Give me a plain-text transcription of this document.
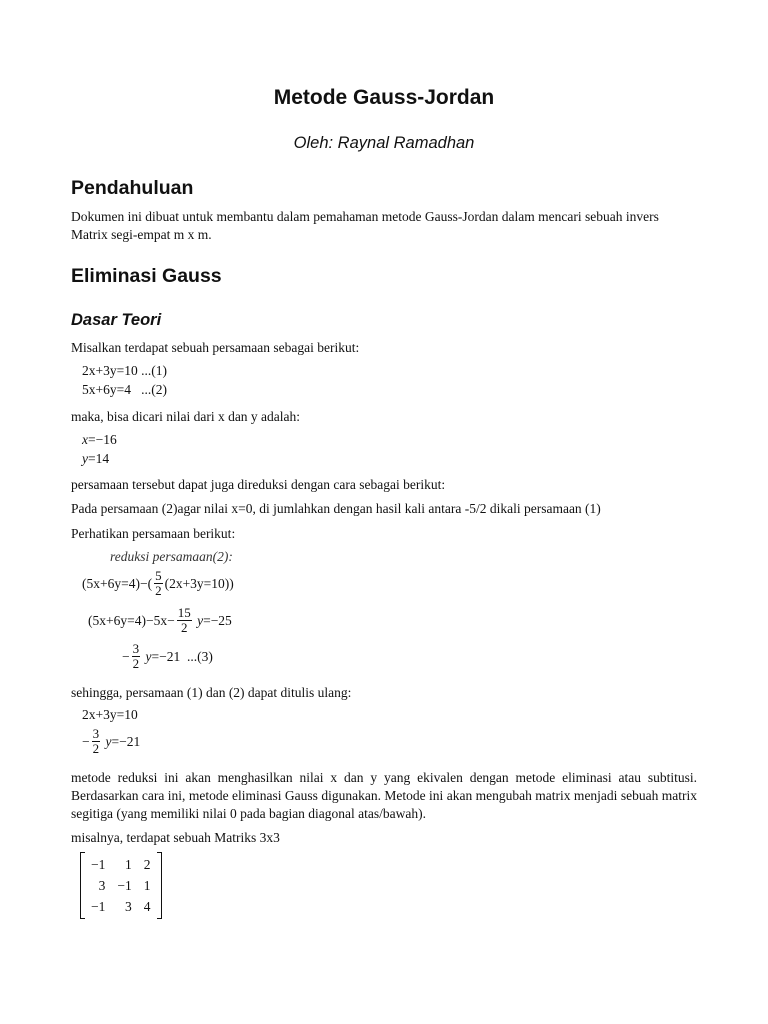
Metode Gauss-Jordan
Oleh: Raynal Ramadhan
Pendahuluan
Dokumen ini dibuat untuk membantu dalam pemahaman metode Gauss-Jordan dalam mencari sebuah invers Matrix segi-empat m x m.
Eliminasi Gauss
Dasar Teori
Misalkan terdapat sebuah persamaan sebagai berikut:
2x+3y=10 ...(1)
5x+6y=4   ...(2)
maka, bisa dicari nilai dari x dan y adalah:
x =−16
y =14
persamaan tersebut dapat juga direduksi dengan cara sebagai berikut:
Pada persamaan (2)agar nilai x=0, di jumlahkan dengan hasil kali antara -5/2 dikali persamaan (1)
Perhatikan persamaan berikut:
reduksi persamaan(2):
$(5x+6y=4)-( \frac{5}{2} (2x+3y=10))$
$(5x+6y=4)-5x- \frac{15}{2}$ y =−25
− $\frac{3}{2}$ y =−21  ...(3)
sehingga, persamaan (1) dan (2) dapat ditulis ulang:
2x+3y=10
− $\frac{3}{2}$ y =−21
metode reduksi ini akan menghasilkan nilai x dan y yang ekivalen dengan metode eliminasi atau subtitusi. Berdasarkan cara ini, metode eliminasi Gauss digunakan. Metode ini akan mengubah matrix menjadi sebuah matrix segitiga (yang memiliki nilai 0 pada bagian diagonal atas/bawah).
misalnya, terdapat sebuah Matriks 3x3
−1	1	2
3	−1	1
−1	3	4
